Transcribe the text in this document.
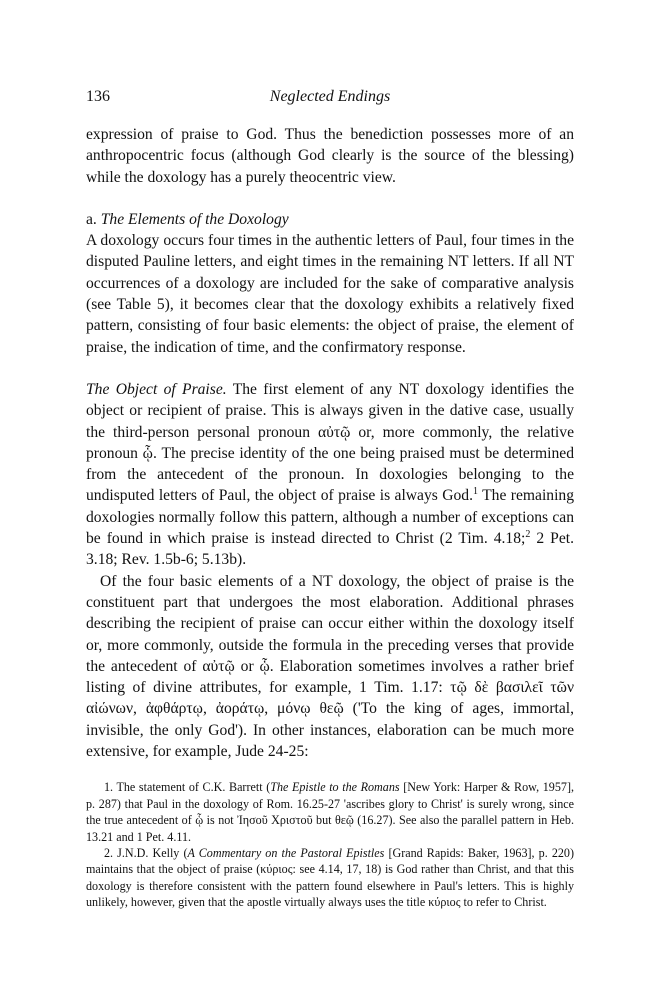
136	Neglected Endings

expression of praise to God. Thus the benediction possesses more of an anthropocentric focus (although God clearly is the source of the blessing) while the doxology has a purely theocentric view.

a. The Elements of the Doxology

A doxology occurs four times in the authentic letters of Paul, four times in the disputed Pauline letters, and eight times in the remaining NT letters. If all NT occurrences of a doxology are included for the sake of comparative analysis (see Table 5), it becomes clear that the doxology exhibits a relatively fixed pattern, consisting of four basic elements: the object of praise, the element of praise, the indication of time, and the confirmatory response.

The Object of Praise. The first element of any NT doxology identifies the object or recipient of praise. This is always given in the dative case, usually the third-person personal pronoun αὐτῷ or, more commonly, the relative pronoun ᾧ. The precise identity of the one being praised must be determined from the antecedent of the pronoun. In doxologies belonging to the undisputed letters of Paul, the object of praise is always God.$^1$ The remaining doxologies normally follow this pattern, although a number of exceptions can be found in which praise is instead directed to Christ (2 Tim. 4.18;$^2$ 2 Pet. 3.18; Rev. 1.5b-6; 5.13b).

Of the four basic elements of a NT doxology, the object of praise is the constituent part that undergoes the most elaboration. Additional phrases describing the recipient of praise can occur either within the doxology itself or, more commonly, outside the formula in the preceding verses that provide the antecedent of αὐτῷ or ᾧ. Elaboration sometimes involves a rather brief listing of divine attributes, for example, 1 Tim. 1.17: τῷ δὲ βασιλεῖ τῶν αἰώνων, ἀφθάρτῳ, ἀοράτῳ, μόνῳ θεῷ ('To the king of ages, immortal, invisible, the only God'). In other instances, elaboration can be much more extensive, for example, Jude 24-25:

1. The statement of C.K. Barrett (The Epistle to the Romans [New York: Harper & Row, 1957], p. 287) that Paul in the doxology of Rom. 16.25-27 'ascribes glory to Christ' is surely wrong, since the true antecedent of ᾧ is not Ἰησοῦ Χριστοῦ but θεῷ (16.27). See also the parallel pattern in Heb. 13.21 and 1 Pet. 4.11.

2. J.N.D. Kelly (A Commentary on the Pastoral Epistles [Grand Rapids: Baker, 1963], p. 220) maintains that the object of praise (κύριος: see 4.14, 17, 18) is God rather than Christ, and that this doxology is therefore consistent with the pattern found elsewhere in Paul's letters. This is highly unlikely, however, given that the apostle virtually always uses the title κύριος to refer to Christ.
